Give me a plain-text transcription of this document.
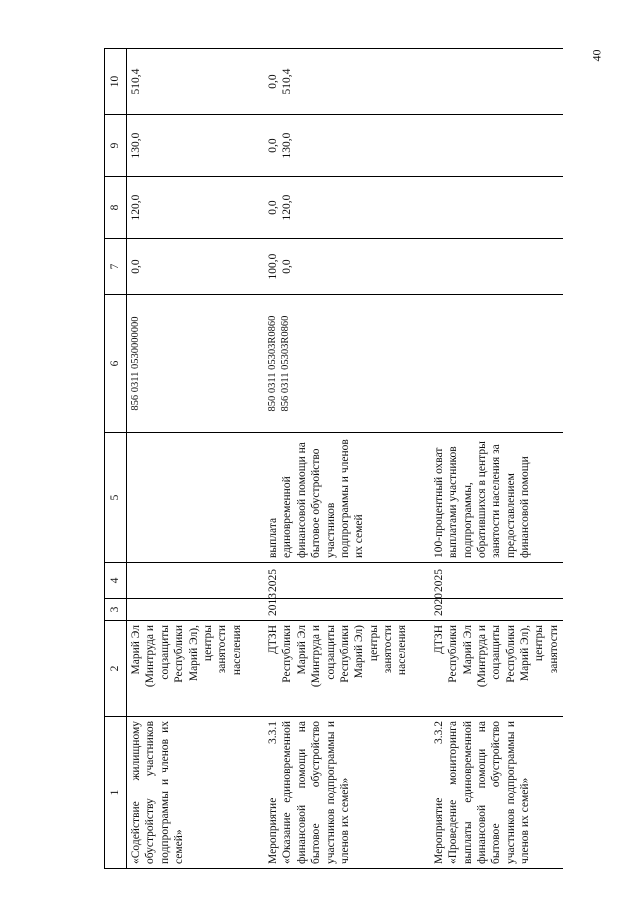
40
1	2	3	4	5	6	7	8	9	10
«Содействие жилищному обустройству участников подпрограммы и членов их семей»	Марий Эл (Минтруда и соцзащиты Республики Марий Эл), центры занятости населения				856 0311 0530000000	0,0	120,0	130,0	510,4

Мероприятие 3.3.1 «Оказание единовременной финансовой помощи на бытовое обустройство участников подпрограммы и членов их семей»	ДТЗН Республики Марий Эл (Минтруда и соцзащиты Республики Марий Эл) центры занятости населения	2013	2025	выплата единовременной финансовой помощи на бытовое обустройство участников подпрограммы и членов их семей	850 0311 05303R0860 856 0311 05303R0860	100,0 0,0	0,0 120,0	0,0 130,0	0,0 510,4

Мероприятие 3.3.2 «Проведение мониторинга выплаты единовременной финансовой помощи на бытовое обустройство участников подпрограммы и членов их семей»	ДТЗН Республики Марий Эл (Минтруда и соцзащиты Республики Марий Эл), центры занятости	2020	2025	100-процентный охват выплатами участников подпрограммы, обратившихся в центры занятости населения за предоставлением финансовой помощи					
